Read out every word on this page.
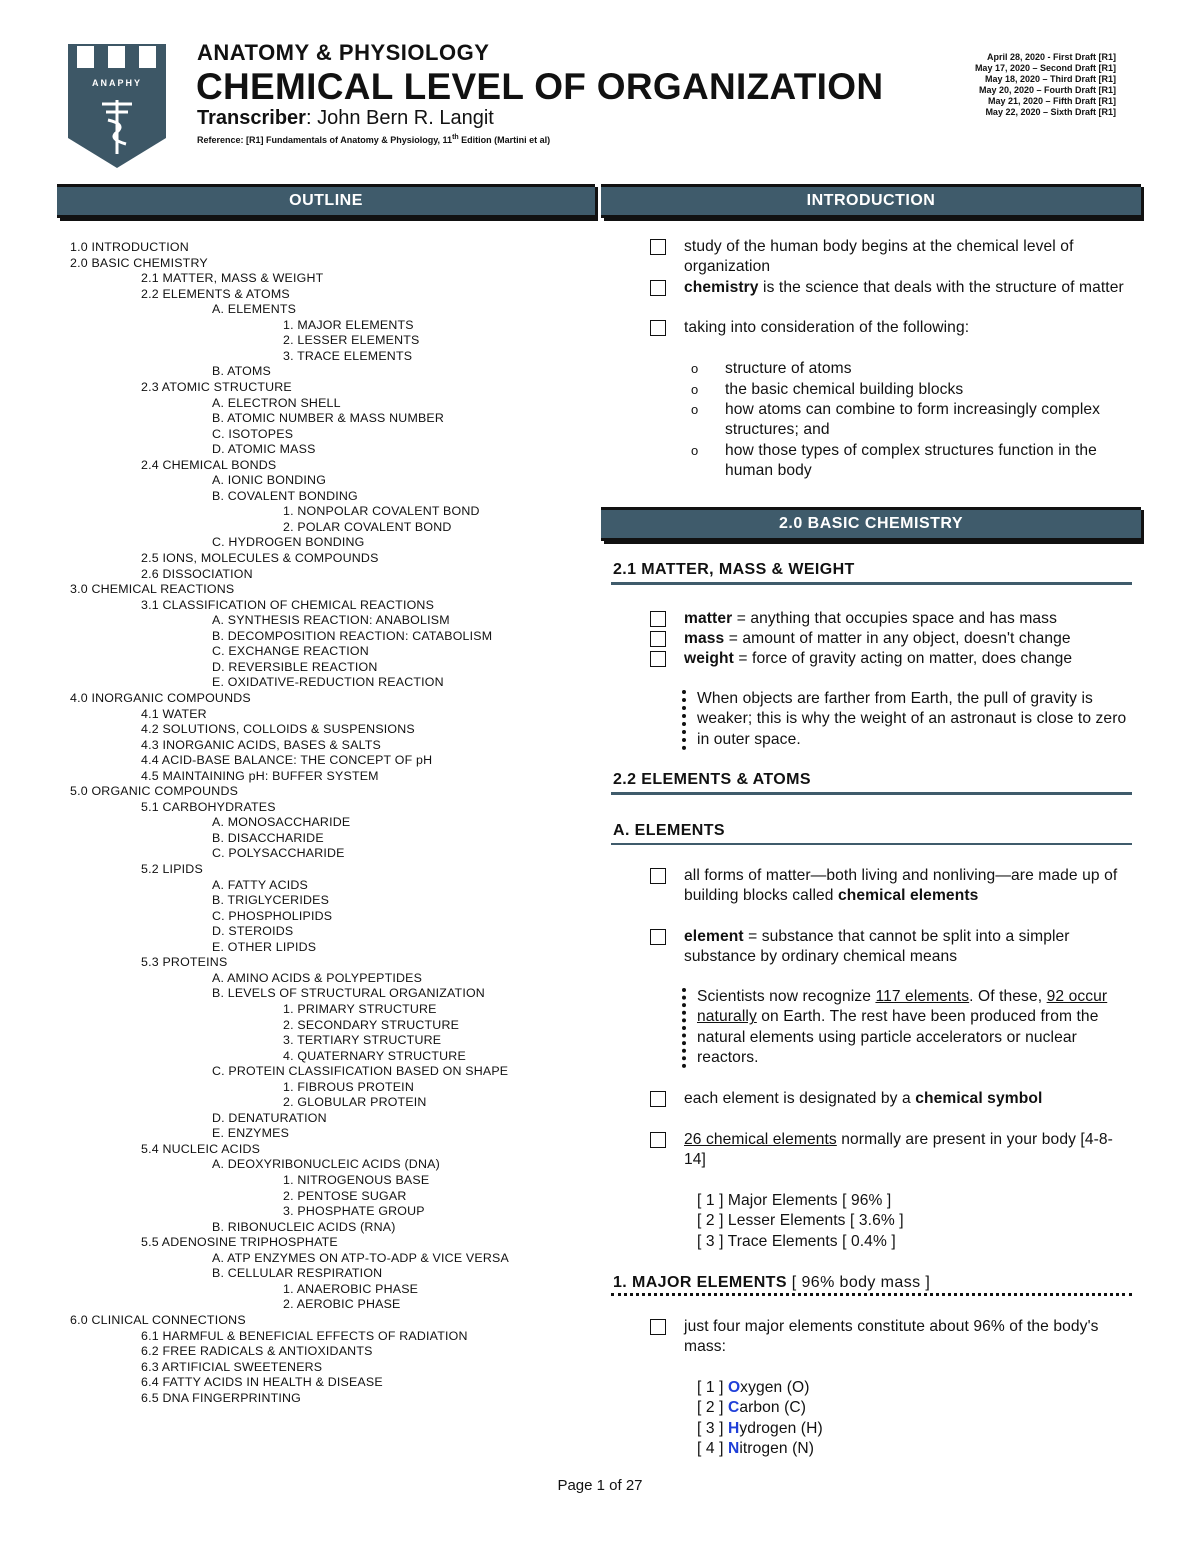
ANAPHY
ANATOMY & PHYSIOLOGY
CHEMICAL LEVEL OF ORGANIZATION
Transcriber: John Bern R. Langit
Reference: [R1] Fundamentals of Anatomy & Physiology, 11th Edition (Martini et al)
April 28, 2020 - First Draft [R1]
May 17, 2020 – Second Draft [R1]
May 18, 2020 – Third Draft [R1]
May 20, 2020 – Fourth Draft [R1]
May 21, 2020 – Fifth Draft [R1]
May 22, 2020 – Sixth Draft [R1]
OUTLINE	INTRODUCTION
2.0 BASIC CHEMISTRY
1.0 INTRODUCTION
2.0 BASIC CHEMISTRY
2.1 MATTER, MASS & WEIGHT
2.2 ELEMENTS & ATOMS
A. ELEMENTS
1. MAJOR ELEMENTS
2. LESSER ELEMENTS
3. TRACE ELEMENTS
B. ATOMS
2.3 ATOMIC STRUCTURE
A. ELECTRON SHELL
B. ATOMIC NUMBER & MASS NUMBER
C. ISOTOPES
D. ATOMIC MASS
2.4 CHEMICAL BONDS
A. IONIC BONDING
B. COVALENT BONDING
1. NONPOLAR COVALENT BOND
2. POLAR COVALENT BOND
C. HYDROGEN BONDING
2.5 IONS, MOLECULES & COMPOUNDS
2.6 DISSOCIATION
3.0 CHEMICAL REACTIONS
3.1 CLASSIFICATION OF CHEMICAL REACTIONS
A. SYNTHESIS REACTION: ANABOLISM
B. DECOMPOSITION REACTION: CATABOLISM
C. EXCHANGE REACTION
D. REVERSIBLE REACTION
E. OXIDATIVE-REDUCTION REACTION
4.0 INORGANIC COMPOUNDS
4.1 WATER
4.2 SOLUTIONS, COLLOIDS & SUSPENSIONS
4.3 INORGANIC ACIDS, BASES & SALTS
4.4 ACID-BASE BALANCE: THE CONCEPT OF pH
4.5 MAINTAINING pH: BUFFER SYSTEM
5.0 ORGANIC COMPOUNDS
5.1 CARBOHYDRATES
A. MONOSACCHARIDE
B. DISACCHARIDE
C. POLYSACCHARIDE
5.2 LIPIDS
A. FATTY ACIDS
B. TRIGLYCERIDES
C. PHOSPHOLIPIDS
D. STEROIDS
E. OTHER LIPIDS
5.3 PROTEINS
A. AMINO ACIDS & POLYPEPTIDES
B. LEVELS OF STRUCTURAL ORGANIZATION
1. PRIMARY STRUCTURE
2. SECONDARY STRUCTURE
3. TERTIARY STRUCTURE
4. QUATERNARY STRUCTURE
C. PROTEIN CLASSIFICATION BASED ON SHAPE
1. FIBROUS PROTEIN
2. GLOBULAR PROTEIN
D. DENATURATION
E. ENZYMES
5.4 NUCLEIC ACIDS
A. DEOXYRIBONUCLEIC ACIDS (DNA)
1. NITROGENOUS BASE
2. PENTOSE SUGAR
3. PHOSPHATE GROUP
B. RIBONUCLEIC ACIDS (RNA)
5.5 ADENOSINE TRIPHOSPHATE
A. ATP ENZYMES ON ATP-TO-ADP & VICE VERSA
B. CELLULAR RESPIRATION
1. ANAEROBIC PHASE
2. AEROBIC PHASE
6.0 CLINICAL CONNECTIONS
6.1 HARMFUL & BENEFICIAL EFFECTS OF RADIATION
6.2 FREE RADICALS & ANTIOXIDANTS
6.3 ARTIFICIAL SWEETENERS
6.4 FATTY ACIDS IN HEALTH & DISEASE
6.5 DNA FINGERPRINTING
study of the human body begins at the chemical level of organization
chemistry is the science that deals with the structure of matter
taking into consideration of the following:
o structure of atoms
o the basic chemical building blocks
o how atoms can combine to form increasingly complex structures; and
o how those types of complex structures function in the human body
2.1 MATTER, MASS & WEIGHT
matter = anything that occupies space and has mass
mass = amount of matter in any object, doesn't change
weight = force of gravity acting on matter, does change
When objects are farther from Earth, the pull of gravity is weaker; this is why the weight of an astronaut is close to zero in outer space.
2.2 ELEMENTS & ATOMS
A. ELEMENTS
all forms of matter—both living and nonliving—are made up of building blocks called chemical elements
element = substance that cannot be split into a simpler substance by ordinary chemical means
Scientists now recognize 117 elements. Of these, 92 occur naturally on Earth. The rest have been produced from the natural elements using particle accelerators or nuclear reactors.
each element is designated by a chemical symbol
26 chemical elements normally are present in your body [4-8-14]
[ 1 ] Major Elements [ 96% ]
[ 2 ] Lesser Elements [ 3.6% ]
[ 3 ] Trace Elements [ 0.4% ]
1. MAJOR ELEMENTS [ 96% body mass ]
just four major elements constitute about 96% of the body's mass:
[ 1 ] Oxygen (O)
[ 2 ] Carbon (C)
[ 3 ] Hydrogen (H)
[ 4 ] Nitrogen (N)
Page 1 of 27
